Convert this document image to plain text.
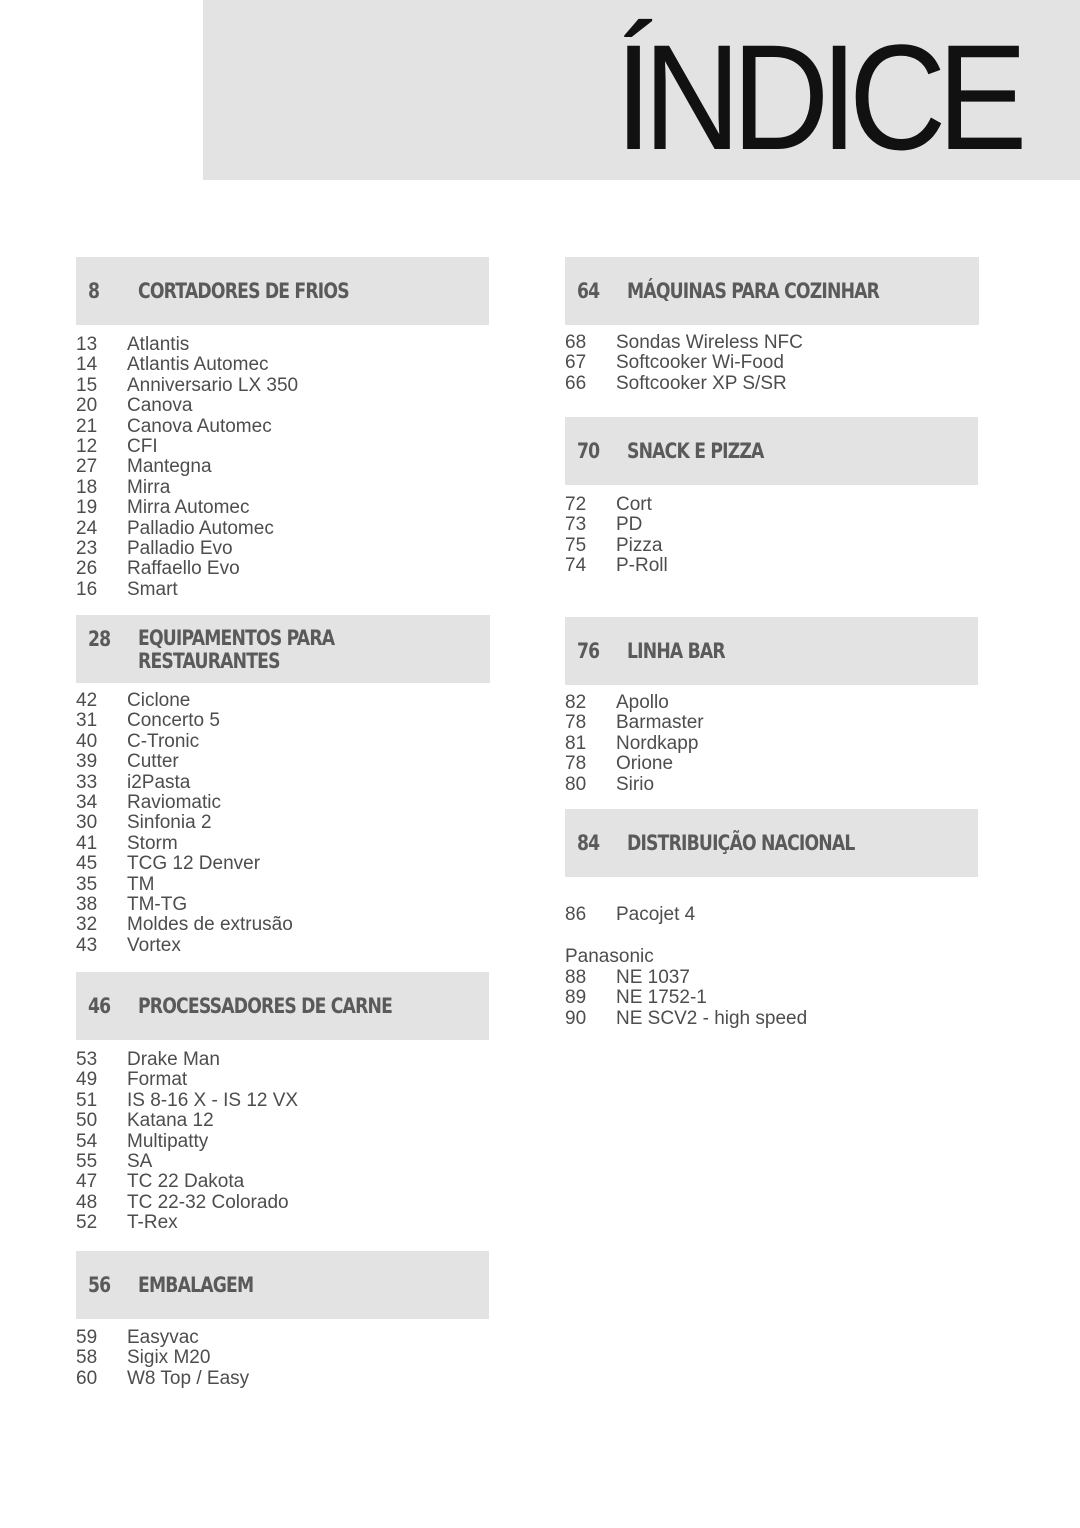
ÍNDICE
8	CORTADORES DE FRIOS
13	Atlantis
14	Atlantis Automec
15	Anniversario LX 350
20	Canova
21	Canova Automec
12	CFI
27	Mantegna
18	Mirra
19	Mirra Automec
24	Palladio Automec
23	Palladio Evo
26	Raffaello Evo
16	Smart
28	EQUIPAMENTOS PARA
RESTAURANTES
42	Ciclone
31	Concerto 5
40	C-Tronic
39	Cutter
33	i2Pasta
34	Raviomatic
30	Sinfonia 2
41	Storm
45	TCG 12 Denver
35	TM
38	TM-TG
32	Moldes de extrusão
43	Vortex
46	PROCESSADORES DE CARNE
53	Drake Man
49	Format
51	IS 8-16 X - IS 12 VX
50	Katana 12
54	Multipatty
55	SA
47	TC 22 Dakota
48	TC 22-32 Colorado
52	T-Rex
56	EMBALAGEM
59	Easyvac
58	Sigix M20
60	W8 Top / Easy
64	MÁQUINAS PARA COZINHAR
68	Sondas Wireless NFC
67	Softcooker Wi-Food
66	Softcooker XP S/SR
70	SNACK E PIZZA
72	Cort
73	PD
75	Pizza
74	P-Roll
76	LINHA BAR
82	Apollo
78	Barmaster
81	Nordkapp
78	Orione
80	Sirio
84	DISTRIBUIÇÃO NACIONAL
86	Pacojet 4
Panasonic
88	NE 1037
89	NE 1752-1
90	NE SCV2 - high speed
